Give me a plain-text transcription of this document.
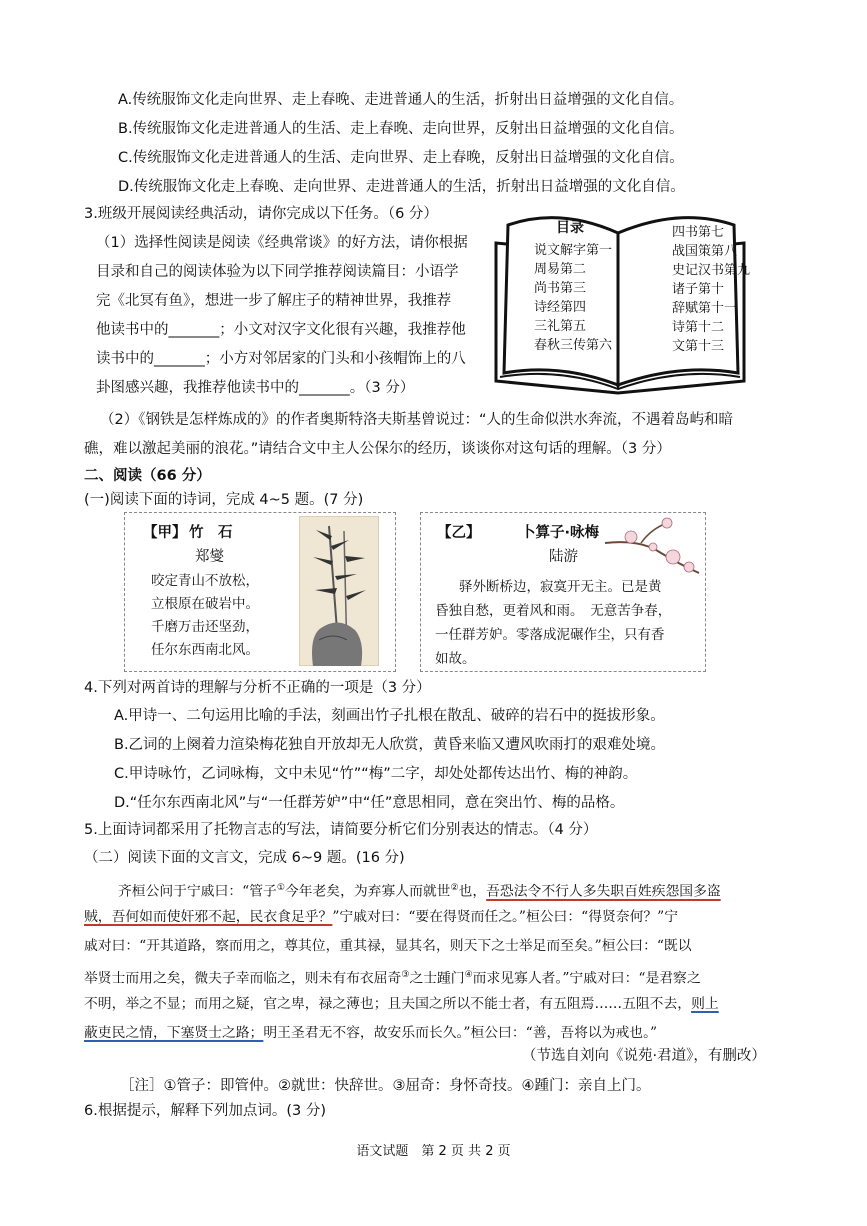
A.传统服饰文化走向世界、走上春晚、走进普通人的生活，折射出日益增强的文化自信。
B.传统服饰文化走进普通人的生活、走上春晚、走向世界，反射出日益增强的文化自信。
C.传统服饰文化走进普通人的生活、走向世界、走上春晚，反射出日益增强的文化自信。
D.传统服饰文化走上春晚、走向世界、走进普通人的生活，折射出日益增强的文化自信。
3.班级开展阅读经典活动，请你完成以下任务。（6 分）
（1）选择性阅读是阅读《经典常谈》的好方法，请你根据
目录和自己的阅读体验为以下同学推荐阅读篇目：小语学
完《北冥有鱼》，想进一步了解庄子的精神世界，我推荐
他读书中的_______；小文对汉字文化很有兴趣，我推荐他
读书中的_______；小方对邻居家的门头和小孩帽饰上的八
卦图感兴趣，我推荐他读书中的_______。（3 分）
目录
说文解字第一
周易第二
尚书第三
诗经第四
三礼第五
春秋三传第六
四书第七
战国策第八
史记汉书第九
诸子第十
辞赋第十一
诗第十二
文第十三
（2）《钢铁是怎样炼成的》的作者奥斯特洛夫斯基曾说过：“人的生命似洪水奔流，不遇着岛屿和暗
礁，难以激起美丽的浪花。”请结合文中主人公保尔的经历，谈谈你对这句话的理解。（3 分）
二、阅读（66 分）
(一)阅读下面的诗词，完成 4~5 题。(7 分)
【甲】 竹　石
郑燮
咬定青山不放松，
立根原在破岩中。
千磨万击还坚劲，
任尔东西南北风。
【乙】	卜算子·咏梅
陆游
驿外断桥边，寂寞开无主。已是黄
昏独自愁，更着风和雨。　无意苦争春，
一任群芳妒。零落成泥碾作尘，只有香
如故。
4.下列对两首诗的理解与分析不正确的一项是（3 分）
A.甲诗一、二句运用比喻的手法，刻画出竹子扎根在散乱、破碎的岩石中的挺拔形象。
B.乙词的上阕着力渲染梅花独自开放却无人欣赏，黄昏来临又遭风吹雨打的艰难处境。
C.甲诗咏竹，乙词咏梅，文中未见“竹”“梅”二字，却处处都传达出竹、梅的神韵。
D.“任尔东西南北风”与“一任群芳妒”中“任”意思相同，意在突出竹、梅的品格。
5.上面诗词都采用了托物言志的写法，请简要分析它们分别表达的情志。（4 分）
（二）阅读下面的文言文，完成 6~9 题。(16 分)
齐桓公问于宁戚曰：“管子①今年老矣，为弃寡人而就世②也，吾恐法令不行人多失职百姓疾怨国多盗
贼，吾何如而使奸邪不起，民衣食足乎？”宁戚对曰：“要在得贤而任之。”桓公曰：“得贤奈何？”宁
戚对曰：“开其道路，察而用之，尊其位，重其禄，显其名，则天下之士举足而至矣。”桓公曰：“既以
举贤士而用之矣，微夫子幸而临之，则未有布衣屈奇③之士踵门④而求见寡人者。”宁戚对曰：“是君察之
不明，举之不显；而用之疑，官之卑，禄之薄也；且夫国之所以不能士者，有五阻焉……五阻不去，则上
蔽吏民之情，下塞贤士之路；明王圣君无不容，故安乐而长久。”桓公曰：“善，吾将以为戒也。”
（节选自刘向《说苑·君道》，有删改）
［注］①管子：即管仲。②就世：快辞世。③屈奇：身怀奇技。④踵门：亲自上门。
6.根据提示，解释下列加点词。(3 分)
语文试题　第 2 页 共 2 页
